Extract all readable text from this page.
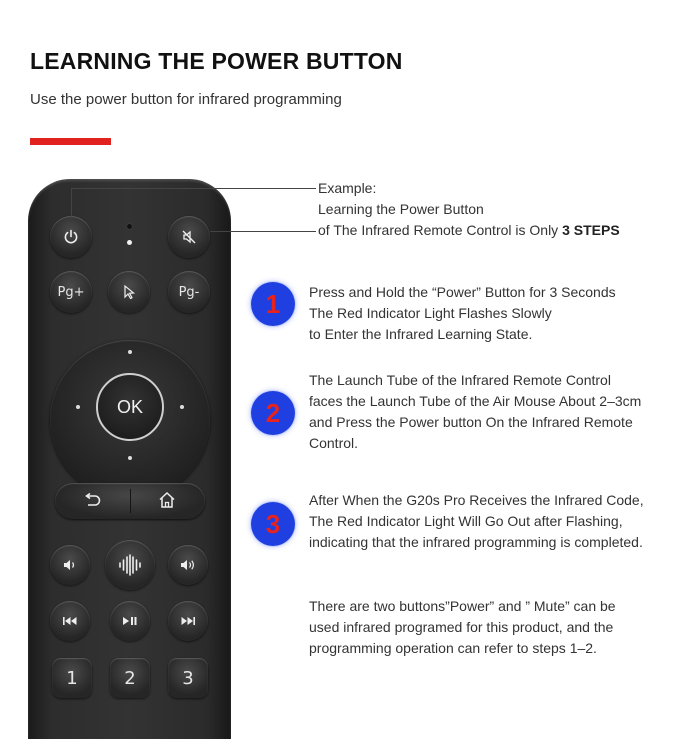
LEARNING THE POWER BUTTON
Use the power button for infrared programming
Pg+	Pg-
OK
1	2	3
Example:
Learning the Power Button
of The Infrared Remote Control is Only 3 STEPS
1 Press and Hold the “Power” Button for 3 Seconds
The Red Indicator Light Flashes Slowly
to Enter the Infrared Learning State.
2
The Launch Tube of the Infrared Remote Control
faces the Launch Tube of the Air Mouse About 2–3cm
and Press the Power button On the Infrared Remote
Control.
3
After When the G20s Pro Receives the Infrared Code,
The Red Indicator Light Will Go Out after Flashing,
indicating that the infrared programming is completed.
There are two buttons”Power” and ” Mute” can be
used infrared programed for this product, and the
programming operation can refer to steps 1–2.
